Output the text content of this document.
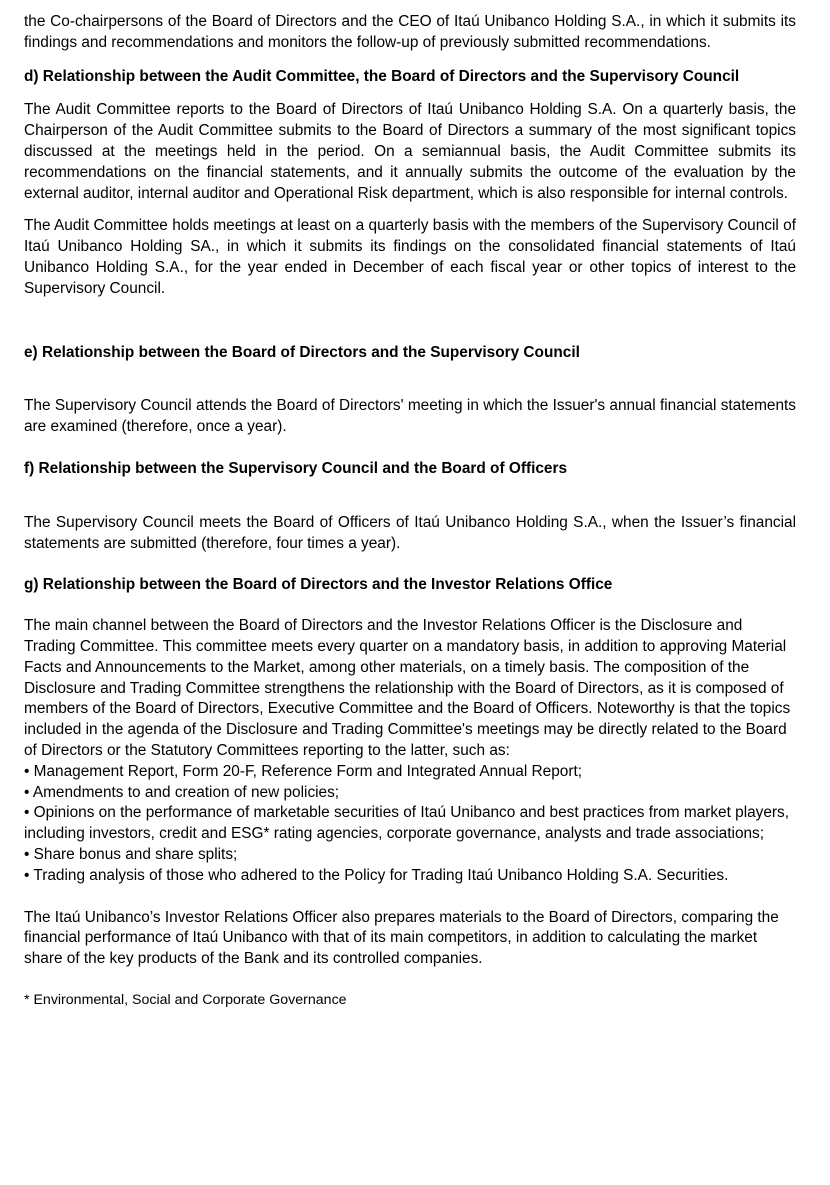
the Co-chairpersons of the Board of Directors and the CEO of Itaú Unibanco Holding S.A., in which it submits its findings and recommendations and monitors the follow-up of previously submitted recommendations.

d) Relationship between the Audit Committee, the Board of Directors and the Supervisory Council

The Audit Committee reports to the Board of Directors of Itaú Unibanco Holding S.A. On a quarterly basis, the Chairperson of the Audit Committee submits to the Board of Directors a summary of the most significant topics discussed at the meetings held in the period. On a semiannual basis, the Audit Committee submits its recommendations on the financial statements, and it annually submits the outcome of the evaluation by the external auditor, internal auditor and Operational Risk department, which is also responsible for internal controls.

The Audit Committee holds meetings at least on a quarterly basis with the members of the Supervisory Council of Itaú Unibanco Holding SA., in which it submits its findings on the consolidated financial statements of Itaú Unibanco Holding S.A., for the year ended in December of each fiscal year or other topics of interest to the Supervisory Council.

e) Relationship between the Board of Directors and the Supervisory Council

The Supervisory Council attends the Board of Directors' meeting in which the Issuer's annual financial statements are examined (therefore, once a year).

f) Relationship between the Supervisory Council and the Board of Officers

The Supervisory Council meets the Board of Officers of Itaú Unibanco Holding S.A., when the Issuer’s financial statements are submitted (therefore, four times a year).

g) Relationship between the Board of Directors and the Investor Relations Office

The main channel between the Board of Directors and the Investor Relations Officer is the Disclosure and Trading Committee. This committee meets every quarter on a mandatory basis, in addition to approving Material Facts and Announcements to the Market, among other materials, on a timely basis. The composition of the Disclosure and Trading Committee strengthens the relationship with the Board of Directors, as it is composed of members of the Board of Directors, Executive Committee and the Board of Officers. Noteworthy is that the topics included in the agenda of the Disclosure and Trading Committee's meetings may be directly related to the Board of Directors or the Statutory Committees reporting to the latter, such as:

• Management Report, Form 20-F, Reference Form and Integrated Annual Report;
• Amendments to and creation of new policies;
• Opinions on the performance of marketable securities of Itaú Unibanco and best practices from market players, including investors, credit and ESG* rating agencies, corporate governance, analysts and trade associations;
• Share bonus and share splits;
• Trading analysis of those who adhered to the Policy for Trading Itaú Unibanco Holding S.A. Securities.

The Itaú Unibanco’s Investor Relations Officer also prepares materials to the Board of Directors, comparing the financial performance of Itaú Unibanco with that of its main competitors, in addition to calculating the market share of the key products of the Bank and its controlled companies.

* Environmental, Social and Corporate Governance
